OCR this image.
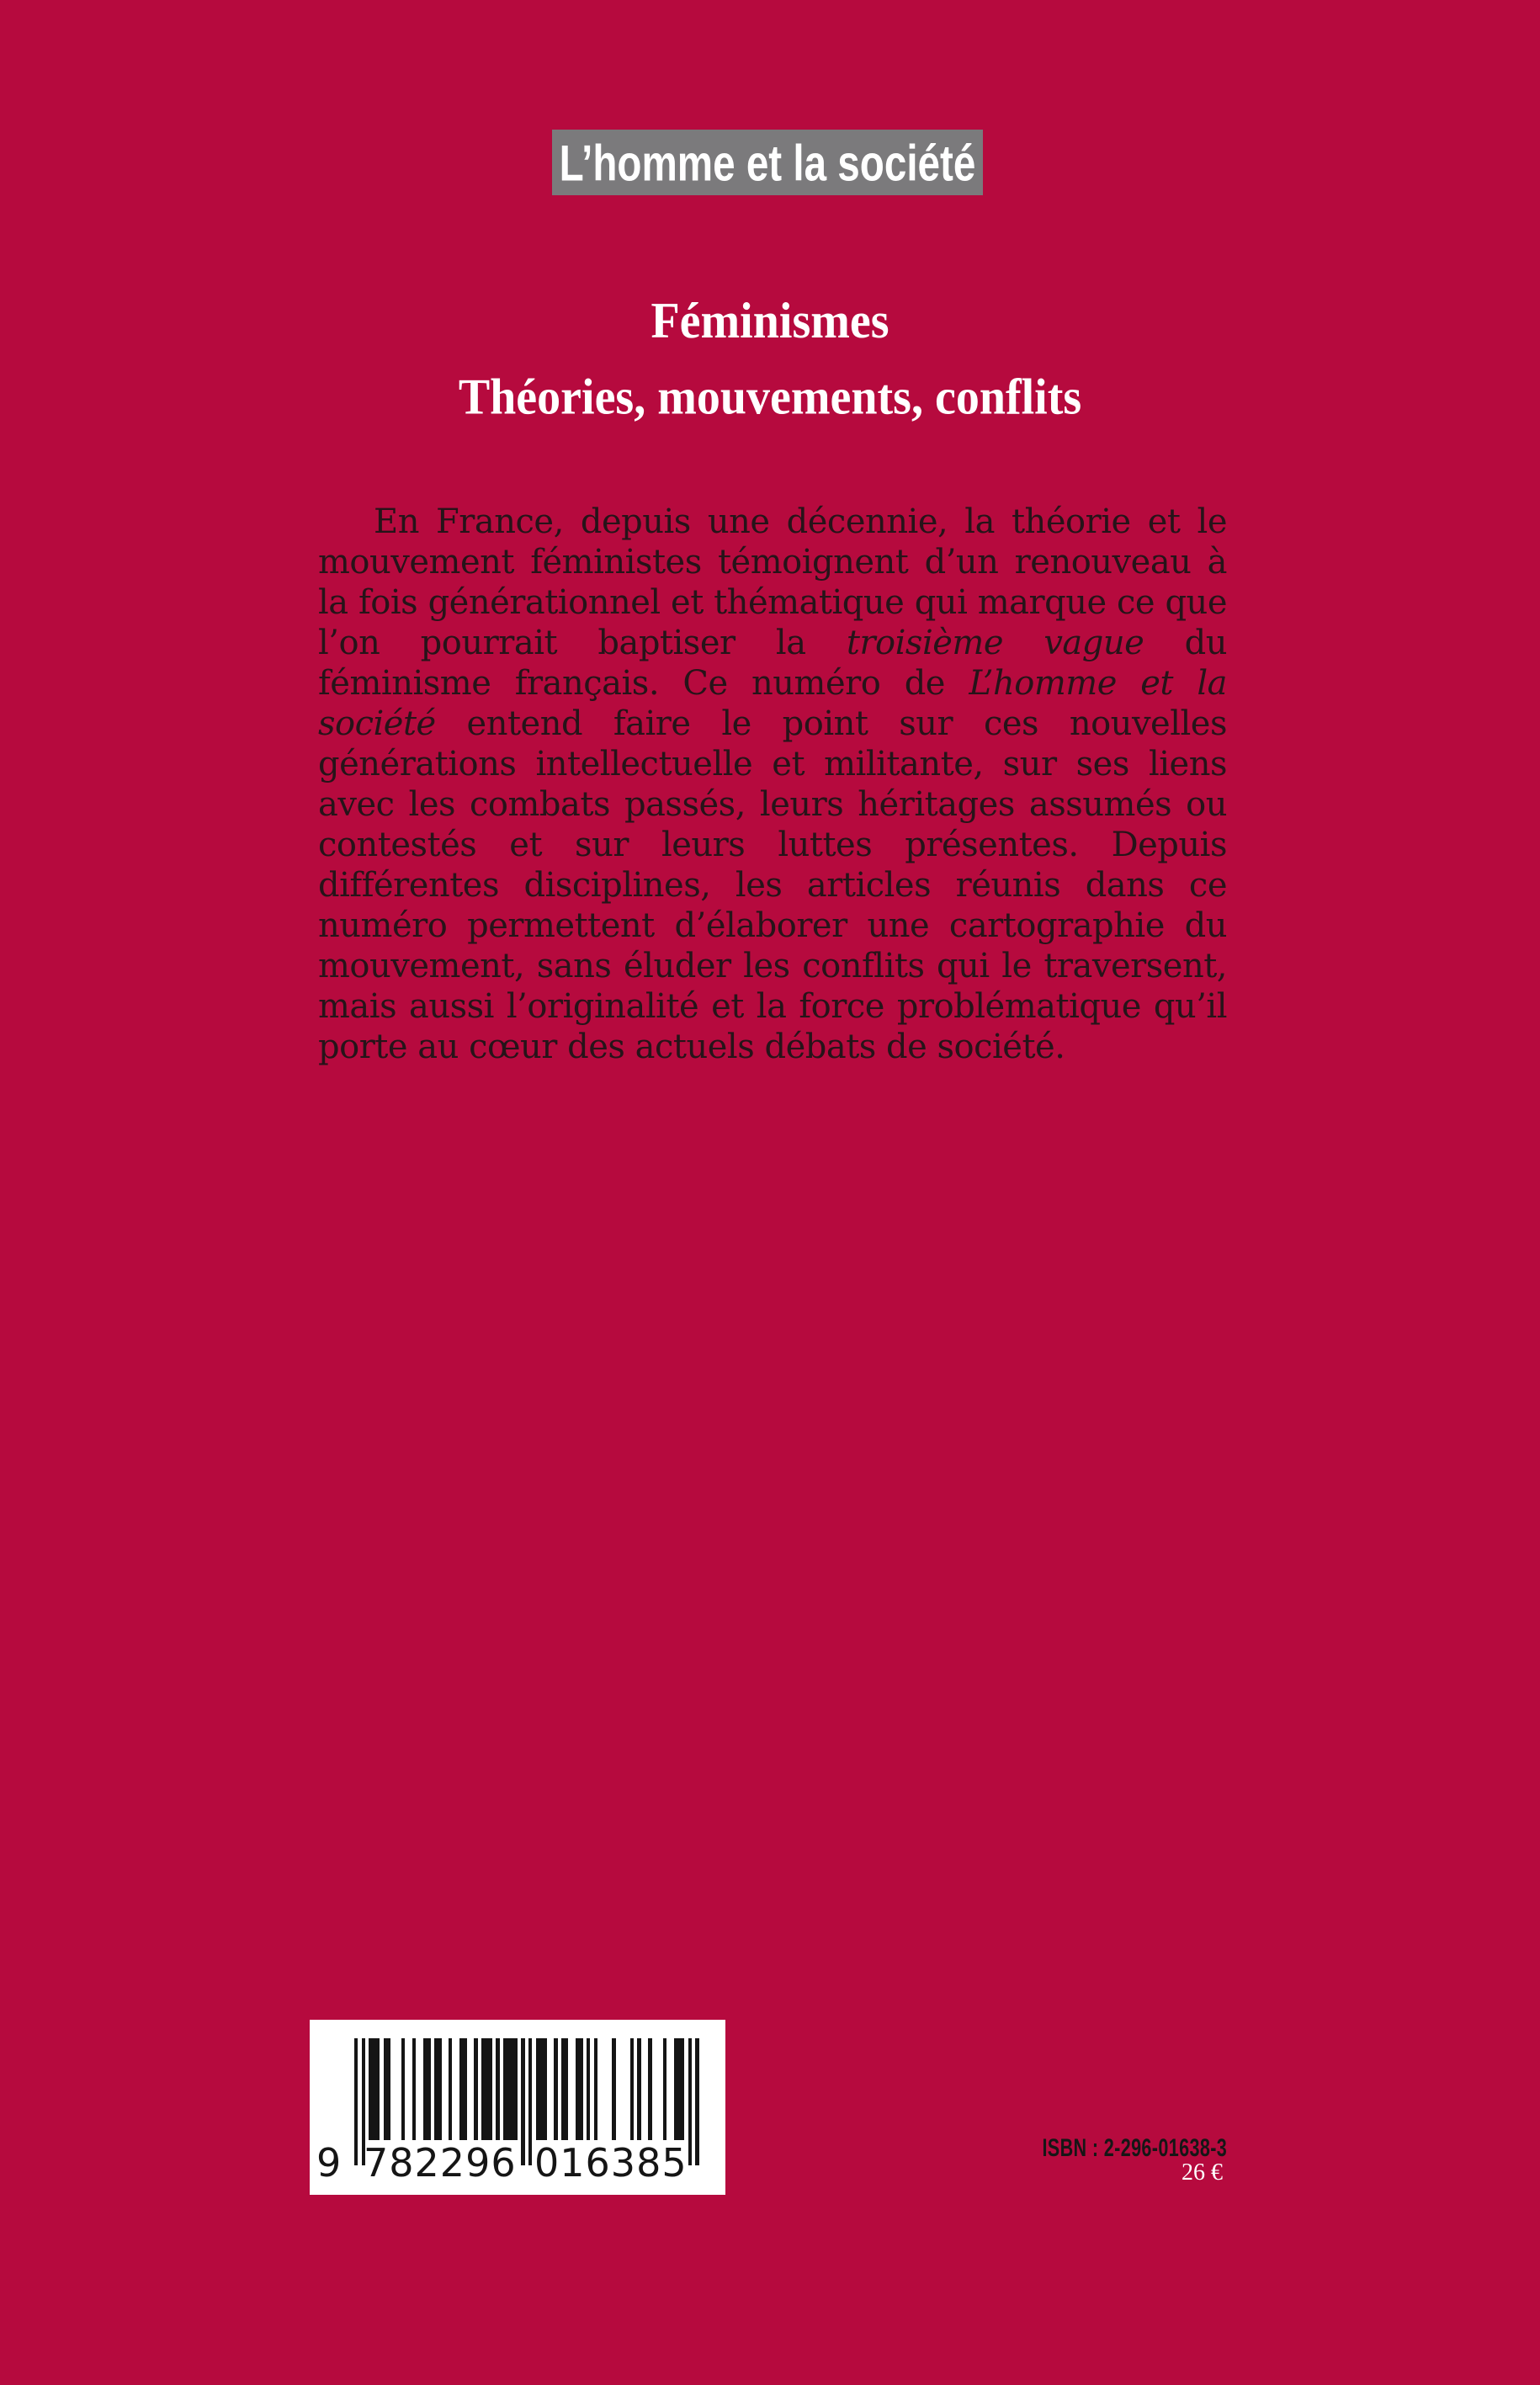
L’homme et la société
Féminismes
Théories, mouvements, conflits

En France, depuis une décennie, la théorie et le mouvement féministes témoignent d’un renouveau à la fois générationnel et thématique qui marque ce que l’on pourrait baptiser la troisième vague du féminisme français. Ce numéro de L’homme et la société entend faire le point sur ces nouvelles générations intellectuelle et militante, sur ses liens avec les combats passés, leurs héritages assumés ou contestés et sur leurs luttes présentes. Depuis différentes disciplines, les articles réunis dans ce numéro permettent d’élaborer une cartographie du mouvement, sans éluder les conflits qui le traversent, mais aussi l’originalité et la force problématique qu’il porte au cœur des actuels débats de société.

9 782296 016385	ISBN : 2-296-01638-3
26 €
